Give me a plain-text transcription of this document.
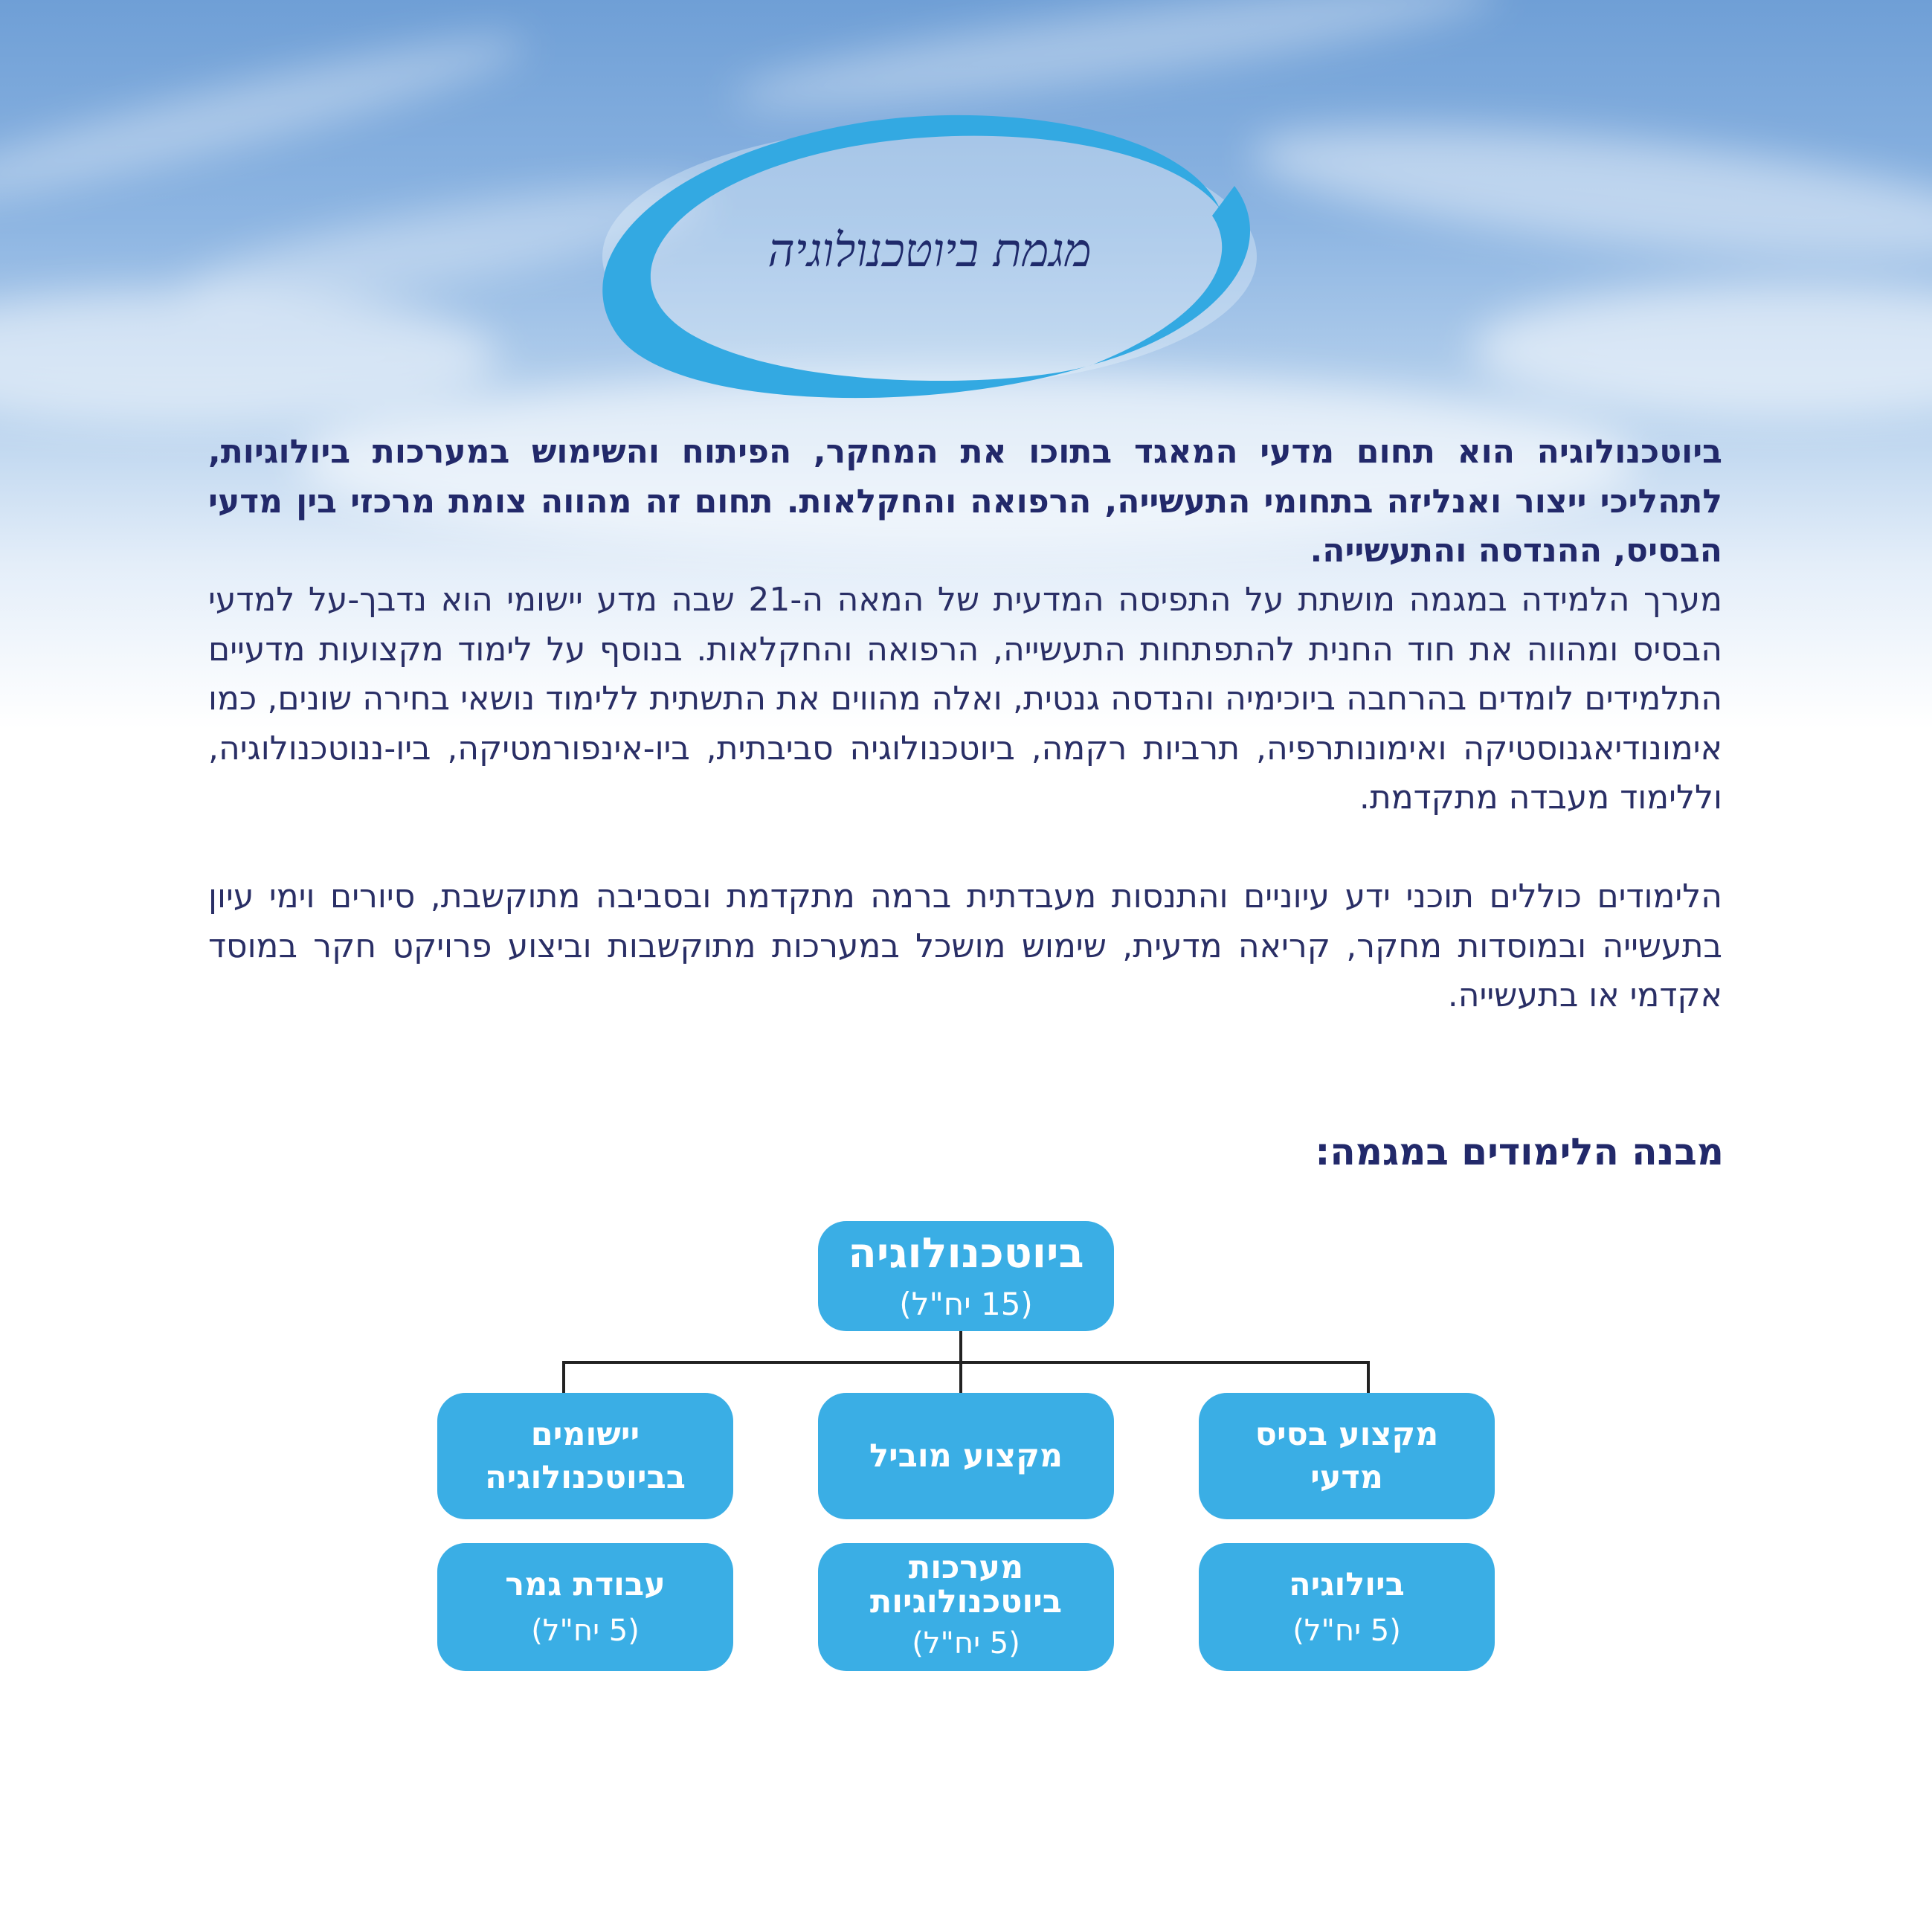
מגמת ביוטכנולוגיה

ביוטכנולוגיה הוא תחום מדעי המאגד בתוכו את המחקר, הפיתוח והשימוש במערכות ביולוגיות, לתהליכי ייצור ואנליזה בתחומי התעשייה, הרפואה והחקלאות. תחום זה מהווה צומת מרכזי בין מדעי הבסיס, ההנדסה והתעשייה.

מערך הלמידה במגמה מושתת על התפיסה המדעית של המאה ה-21 שבה מדע יישומי הוא נדבך-על למדעי הבסיס ומהווה את חוד החנית להתפתחות התעשייה, הרפואה והחקלאות. בנוסף על לימוד מקצועות מדעיים התלמידים לומדים בהרחבה ביוכימיה והנדסה גנטית, ואלה מהווים את התשתית ללימוד נושאי בחירה שונים, כמו אימונודיאגנוסטיקה ואימונותרפיה, תרביות רקמה, ביוטכנולוגיה סביבתית, ביו-אינפורמטיקה, ביו-ננוטכנולוגיה, וללימוד מעבדה מתקדמת.

הלימודים כוללים תוכני ידע עיוניים והתנסות מעבדתית ברמה מתקדמת ובסביבה מתוקשבת, סיורים וימי עיון בתעשייה ובמוסדות מחקר, קריאה מדעית, שימוש מושכל במערכות מתוקשבות וביצוע פרויקט חקר במוסד אקדמי או בתעשייה.

מבנה הלימודים במגמה:
ביוטכנולוגיה
(15 יח"ל)
מקצוע בסיס מדעי
מקצוע מוביל
יישומים בביוטכנולוגיה
ביולוגיה
(5 יח"ל)
מערכות ביוטכנולוגיות
(5 יח"ל)
עבודת גמר
(5 יח"ל)
